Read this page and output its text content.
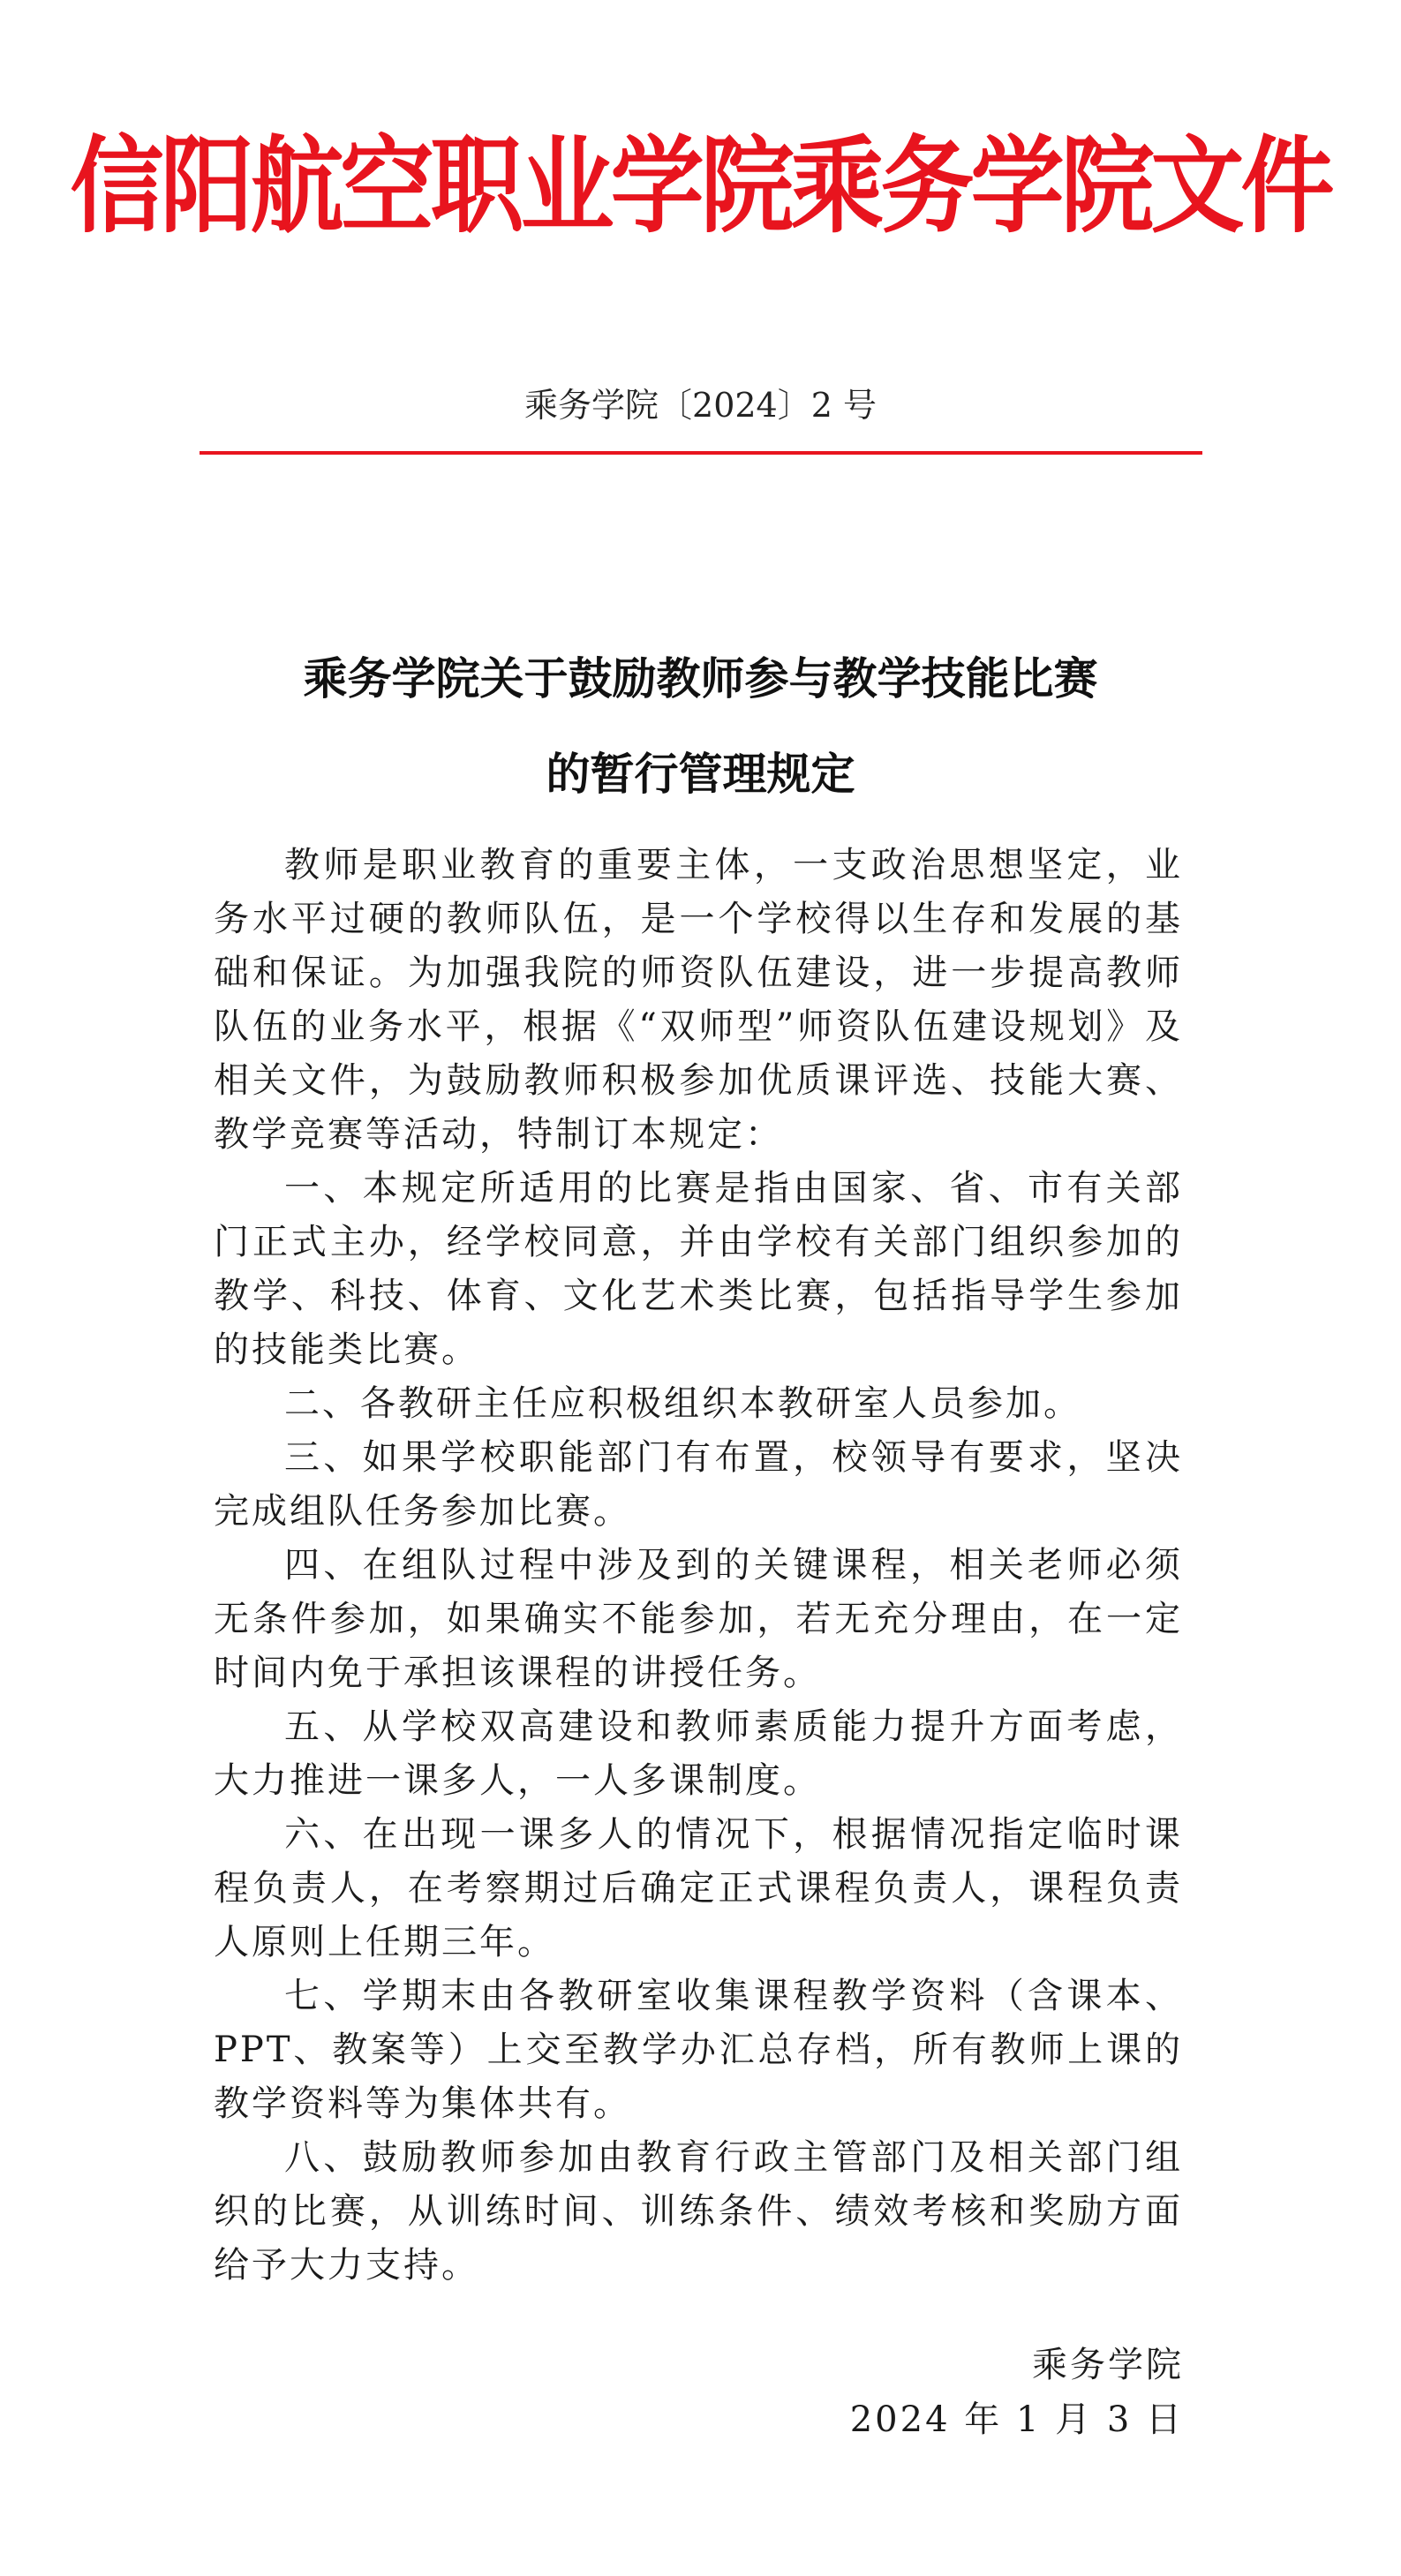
信阳航空职业学院乘务学院文件
乘务学院〔2024〕2 号
乘务学院关于鼓励教师参与教学技能比赛
的暂行管理规定

教师是职业教育的重要主体，一支政治思想坚定，业务水平过硬的教师队伍，是一个学校得以生存和发展的基础和保证。为加强我院的师资队伍建设，进一步提高教师队伍的业务水平，根据《“双师型”师资队伍建设规划》及相关文件，为鼓励教师积极参加优质课评选、技能大赛、教学竞赛等活动，特制订本规定：

一、本规定所适用的比赛是指由国家、省、市有关部门正式主办，经学校同意，并由学校有关部门组织参加的教学、科技、体育、文化艺术类比赛，包括指导学生参加的技能类比赛。

二、各教研主任应积极组织本教研室人员参加。

三、如果学校职能部门有布置，校领导有要求，坚决完成组队任务参加比赛。

四、在组队过程中涉及到的关键课程，相关老师必须无条件参加，如果确实不能参加，若无充分理由，在一定时间内免于承担该课程的讲授任务。

五、从学校双高建设和教师素质能力提升方面考虑，大力推进一课多人，一人多课制度。

六、在出现一课多人的情况下，根据情况指定临时课程负责人，在考察期过后确定正式课程负责人，课程负责人原则上任期三年。

七、学期末由各教研室收集课程教学资料（含课本、PPT、教案等）上交至教学办汇总存档，所有教师上课的教学资料等为集体共有。

八、鼓励教师参加由教育行政主管部门及相关部门组织的比赛，从训练时间、训练条件、绩效考核和奖励方面给予大力支持。

乘务学院
2024 年 1 月 3 日
